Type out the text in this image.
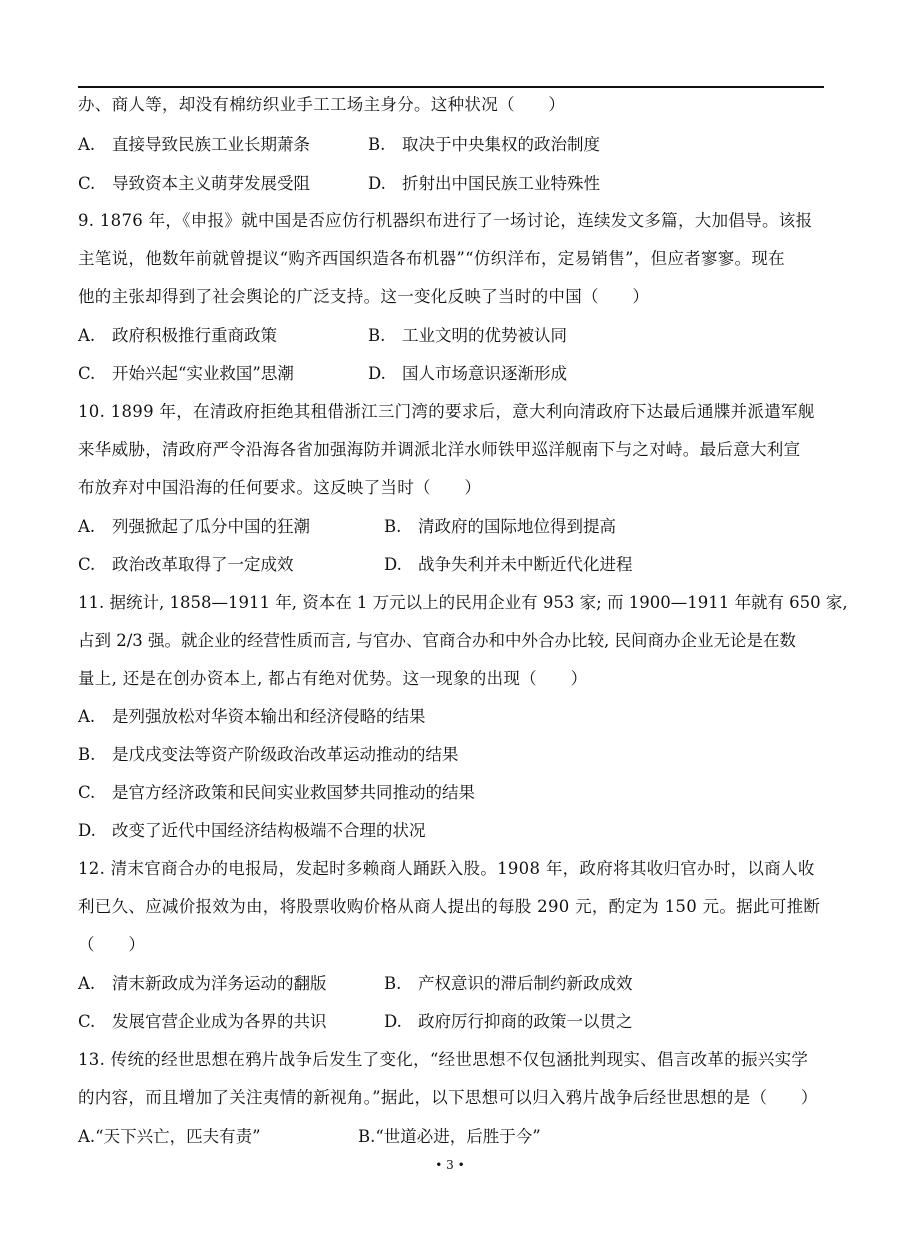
办、商人等，却没有棉纺织业手工工场主身分。这种状况（　　）
A. 直接导致民族工业长期萧条	B. 取决于中央集权的政治制度
C. 导致资本主义萌芽发展受阻	D. 折射出中国民族工业特殊性
9. 1876 年，《申报》就中国是否应仿行机器织布进行了一场讨论，连续发文多篇，大加倡导。该报
主笔说，他数年前就曾提议“购齐西国织造各布机器”“仿织洋布，定易销售”，但应者寥寥。现在
他的主张却得到了社会舆论的广泛支持。这一变化反映了当时的中国（　　）
A. 政府积极推行重商政策	B. 工业文明的优势被认同
C. 开始兴起“实业救国”思潮	D. 国人市场意识逐渐形成
10. 1899 年，在清政府拒绝其租借浙江三门湾的要求后，意大利向清政府下达最后通牒并派遣军舰
来华威胁，清政府严令沿海各省加强海防并调派北洋水师铁甲巡洋舰南下与之对峙。最后意大利宣
布放弃对中国沿海的任何要求。这反映了当时（　　）
A. 列强掀起了瓜分中国的狂潮	B. 清政府的国际地位得到提高
C. 政治改革取得了一定成效	D. 战争失利并未中断近代化进程
11. 据统计, 1858—1911 年, 资本在 1 万元以上的民用企业有 953 家; 而 1900—1911 年就有 650 家,
占到 2/3 强。就企业的经营性质而言, 与官办、官商合办和中外合办比较, 民间商办企业无论是在数
量上, 还是在创办资本上, 都占有绝对优势。这一现象的出现（　　）
A. 是列强放松对华资本输出和经济侵略的结果
B. 是戊戌变法等资产阶级政治改革运动推动的结果
C. 是官方经济政策和民间实业救国梦共同推动的结果
D. 改变了近代中国经济结构极端不合理的状况
12. 清末官商合办的电报局，发起时多赖商人踊跃入股。1908 年，政府将其收归官办时，以商人收
利已久、应减价报效为由，将股票收购价格从商人提出的每股 290 元，酌定为 150 元。据此可推断
（　　）
A. 清末新政成为洋务运动的翻版	B. 产权意识的滞后制约新政成效
C. 发展官营企业成为各界的共识	D. 政府厉行抑商的政策一以贯之
13. 传统的经世思想在鸦片战争后发生了变化，“经世思想不仅包涵批判现实、倡言改革的振兴实学
的内容，而且增加了关注夷情的新视角。”据此，以下思想可以归入鸦片战争后经世思想的是（　　）
A.“天下兴亡，匹夫有责”	B.“世道必进，后胜于今”
• 3 •
